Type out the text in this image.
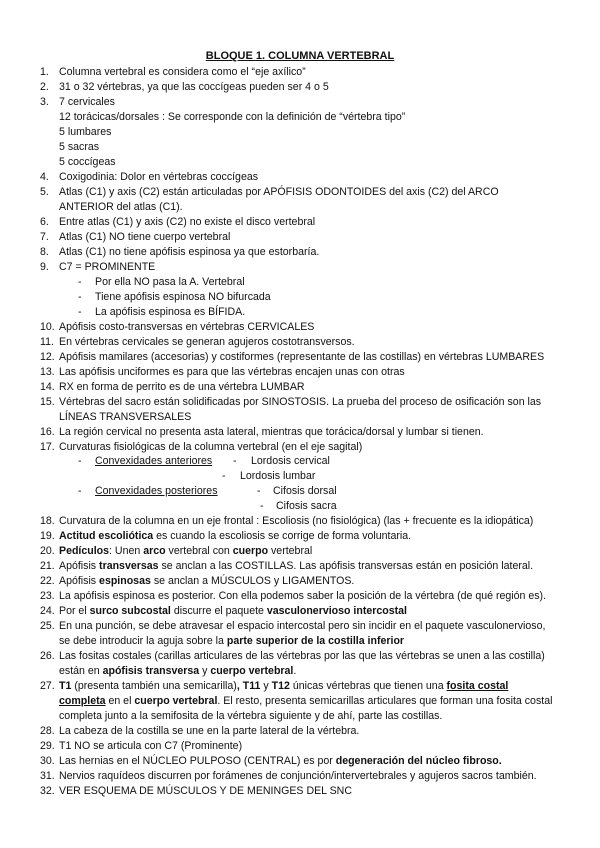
BLOQUE 1. COLUMNA VERTEBRAL
1. Columna vertebral es considera como el “eje axílico”
2. 31 o 32 vértebras, ya que las coccígeas pueden ser 4 o 5
3. 7 cervicales
12 torácicas/dorsales : Se corresponde con la definición de “vértebra tipo”
5 lumbares
5 sacras
5 coccígeas
4. Coxigodinia: Dolor en vértebras coccígeas
5. Atlas (C1) y axis (C2) están articuladas por APÓFISIS ODONTOIDES del axis (C2) del ARCO
ANTERIOR del atlas (C1).
6. Entre atlas (C1) y axis (C2) no existe el disco vertebral
7. Atlas (C1) NO tiene cuerpo vertebral
8. Atlas (C1) no tiene apófisis espinosa ya que estorbaría.
9. C7 = PROMINENTE
- Por ella NO pasa la A. Vertebral
- Tiene apófisis espinosa NO bifurcada
- La apófisis espinosa es BÍFIDA.
10. Apófisis costo-transversas en vértebras CERVICALES
11. En vértebras cervicales se generan agujeros costotransversos.
12. Apófisis mamilares (accesorias) y costiformes (representante de las costillas) en vértebras LUMBARES
13. Las apófisis unciformes es para que las vértebras encajen unas con otras
14. RX en forma de perrito es de una vértebra LUMBAR
15. Vértebras del sacro están solidificadas por SINOSTOSIS. La prueba del proceso de osificación son las
LÍNEAS TRANSVERSALES
16. La región cervical no presenta asta lateral, mientras que torácica/dorsal y lumbar si tienen.
17. Curvaturas fisiológicas de la columna vertebral (en el eje sagital)
18. Curvatura de la columna en un eje frontal : Escoliosis (no fisiológica) (las + frecuente es la idiopática)
19. Actitud escoliótica es cuando la escoliosis se corrige de forma voluntaria.
20. Pedículos: Unen arco vertebral con cuerpo vertebral
21. Apófisis transversas se anclan a las COSTILLAS. Las apófisis transversas están en posición lateral.
22. Apófisis espinosas se anclan a MÚSCULOS y LIGAMENTOS.
23. La apófisis espinosa es posterior. Con ella podemos saber la posición de la vértebra (de qué región es).
24. Por el surco subcostal discurre el paquete vasculonervioso intercostal
25. En una punción, se debe atravesar el espacio intercostal pero sin incidir en el paquete vasculonervioso,
se debe introducir la aguja sobre la parte superior de la costilla inferior
26. Las fositas costales (carillas articulares de las vértebras por las que las vértebras se unen a las costilla)
están en apófisis transversa y cuerpo vertebral.
27. T1 (presenta también una semicarilla), T11 y T12 únicas vértebras que tienen una fosita costal
completa en el cuerpo vertebral. El resto, presenta semicarillas articulares que forman una fosita costal
completa junto a la semifosita de la vértebra siguiente y de ahí, parte las costillas.
28. La cabeza de la costilla se une en la parte lateral de la vértebra.
29. T1 NO se articula con C7 (Prominente)
30. Las hernias en el NÚCLEO PULPOSO (CENTRAL) es por degeneración del núcleo fibroso.
31. Nervios raquídeos discurren por forámenes de conjunción/intervertebrales y agujeros sacros también.
32. VER ESQUEMA DE MÚSCULOS Y DE MENINGES DEL SNC
- Convexidades anteriores - Lordosis cervical
- Lordosis lumbar
- Convexidades posteriores	- Cifosis dorsal
- Cifosis sacra
